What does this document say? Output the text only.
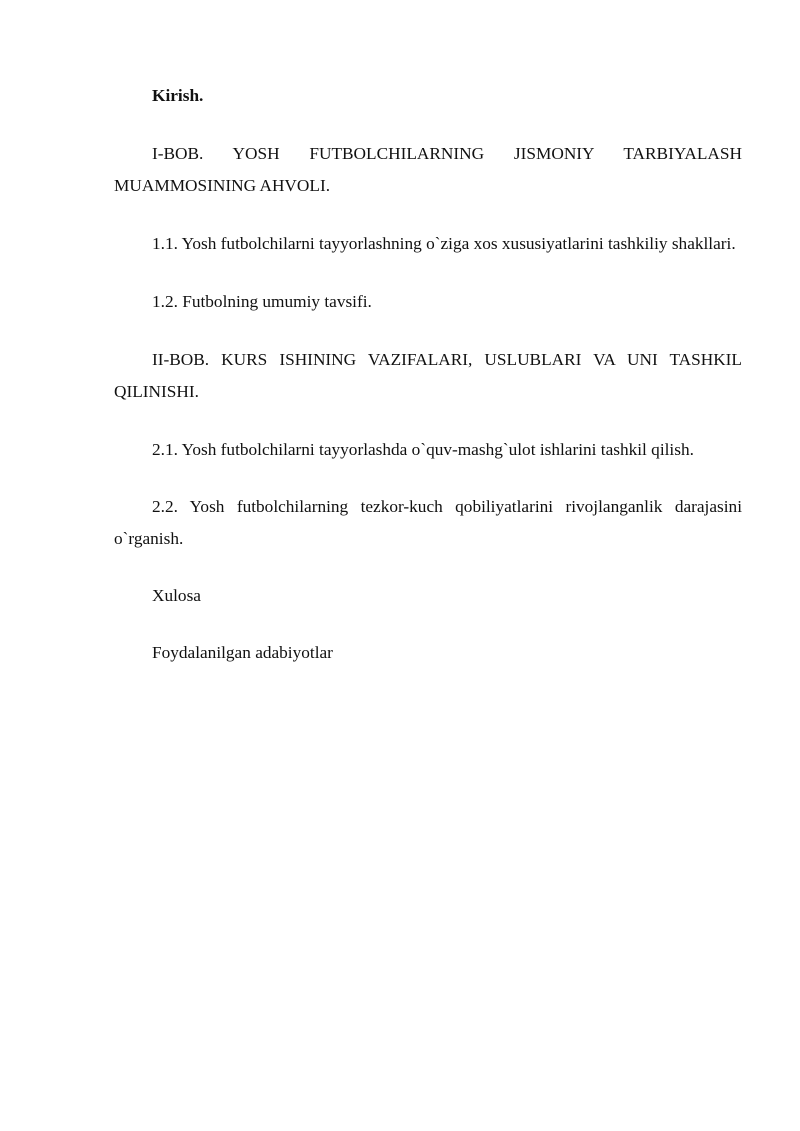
Kirish.

I-BOB. YOSH FUTBOLCHILARNING JISMONIY TARBIYALASH MUAMMOSINING AHVOLI.

1.1. Yosh futbolchilarni tayyorlashning o`ziga xos xususiyatlarini tashkiliy shakllari.

1.2. Futbolning umumiy tavsifi.

II-BOB. KURS ISHINING VAZIFALARI, USLUBLARI VA UNI TASHKIL QILINISHI.

2.1. Yosh futbolchilarni tayyorlashda o`quv-mashg`ulot ishlarini tashkil qilish.

2.2. Yosh futbolchilarning tezkor-kuch qobiliyatlarini rivojlanganlik darajasini o`rganish.

Xulosa

Foydalanilgan adabiyotlar
